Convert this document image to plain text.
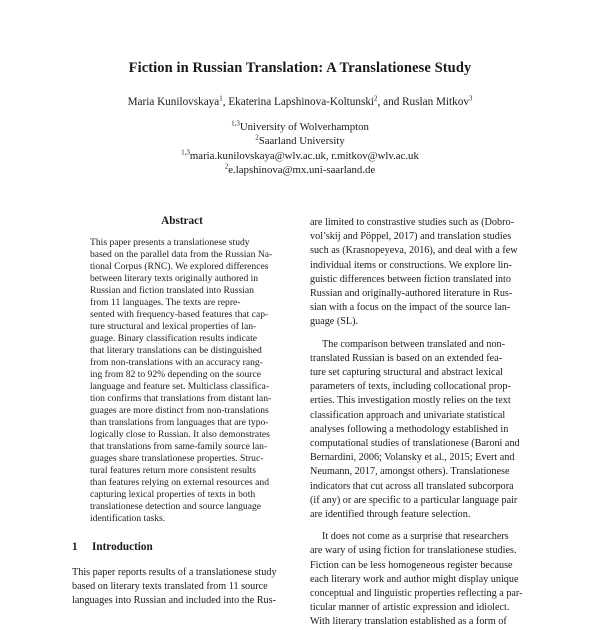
Fiction in Russian Translation: A Translationese Study
Maria Kunilovskaya$^1$, Ekaterina Lapshinova-Koltunski$^2$, and Ruslan Mitkov$^3$
$^{1,3}$University of Wolverhampton
$^2$Saarland University
$^{1,3}$maria.kunilovskaya@wlv.ac.uk, r.mitkov@wlv.ac.uk
$^2$e.lapshinova@mx.uni-saarland.de
Abstract
This paper presents a translationese study
based on the parallel data from the Russian Na-
tional Corpus (RNC). We explored differences
between literary texts originally authored in
Russian and fiction translated into Russian
from 11 languages. The texts are repre-
sented with frequency-based features that cap-
ture structural and lexical properties of lan-
guage. Binary classification results indicate
that literary translations can be distinguished
from non-translations with an accuracy rang-
ing from 82 to 92% depending on the source
language and feature set. Multiclass classifica-
tion confirms that translations from distant lan-
guages are more distinct from non-translations
than translations from languages that are typo-
logically close to Russian. It also demonstrates
that translations from same-family source lan-
guages share translationese properties. Struc-
tural features return more consistent results
than features relying on external resources and
capturing lexical properties of texts in both
translationese detection and source language
identification tasks.
1 Introduction
This paper reports results of a translationese study
based on literary texts translated from 11 source
languages into Russian and included into the Rus-
are limited to constrastive studies such as (Dobro-
vol’skij and Pöppel, 2017) and translation studies
such as (Krasnopeyeva, 2016), and deal with a few
individual items or constructions. We explore lin-
guistic differences between fiction translated into
Russian and originally-authored literature in Rus-
sian with a focus on the impact of the source lan-
guage (SL).
The comparison between translated and non-
translated Russian is based on an extended fea-
ture set capturing structural and abstract lexical
parameters of texts, including collocational prop-
erties. This investigation mostly relies on the text
classification approach and univariate statistical
analyses following a methodology established in
computational studies of translationese (Baroni and
Bernardini, 2006; Volansky et al., 2015; Evert and
Neumann, 2017, amongst others). Translationese
indicators that cut across all translated subcorpora
(if any) or are specific to a particular language pair
are identified through feature selection.
It does not come as a surprise that researchers
are wary of using fiction for translationese studies.
Fiction can be less homogeneous register because
each literary work and author might display unique
conceptual and linguistic properties reflecting a par-
ticular manner of artistic expression and idiolect.
With literary translation established as a form of
